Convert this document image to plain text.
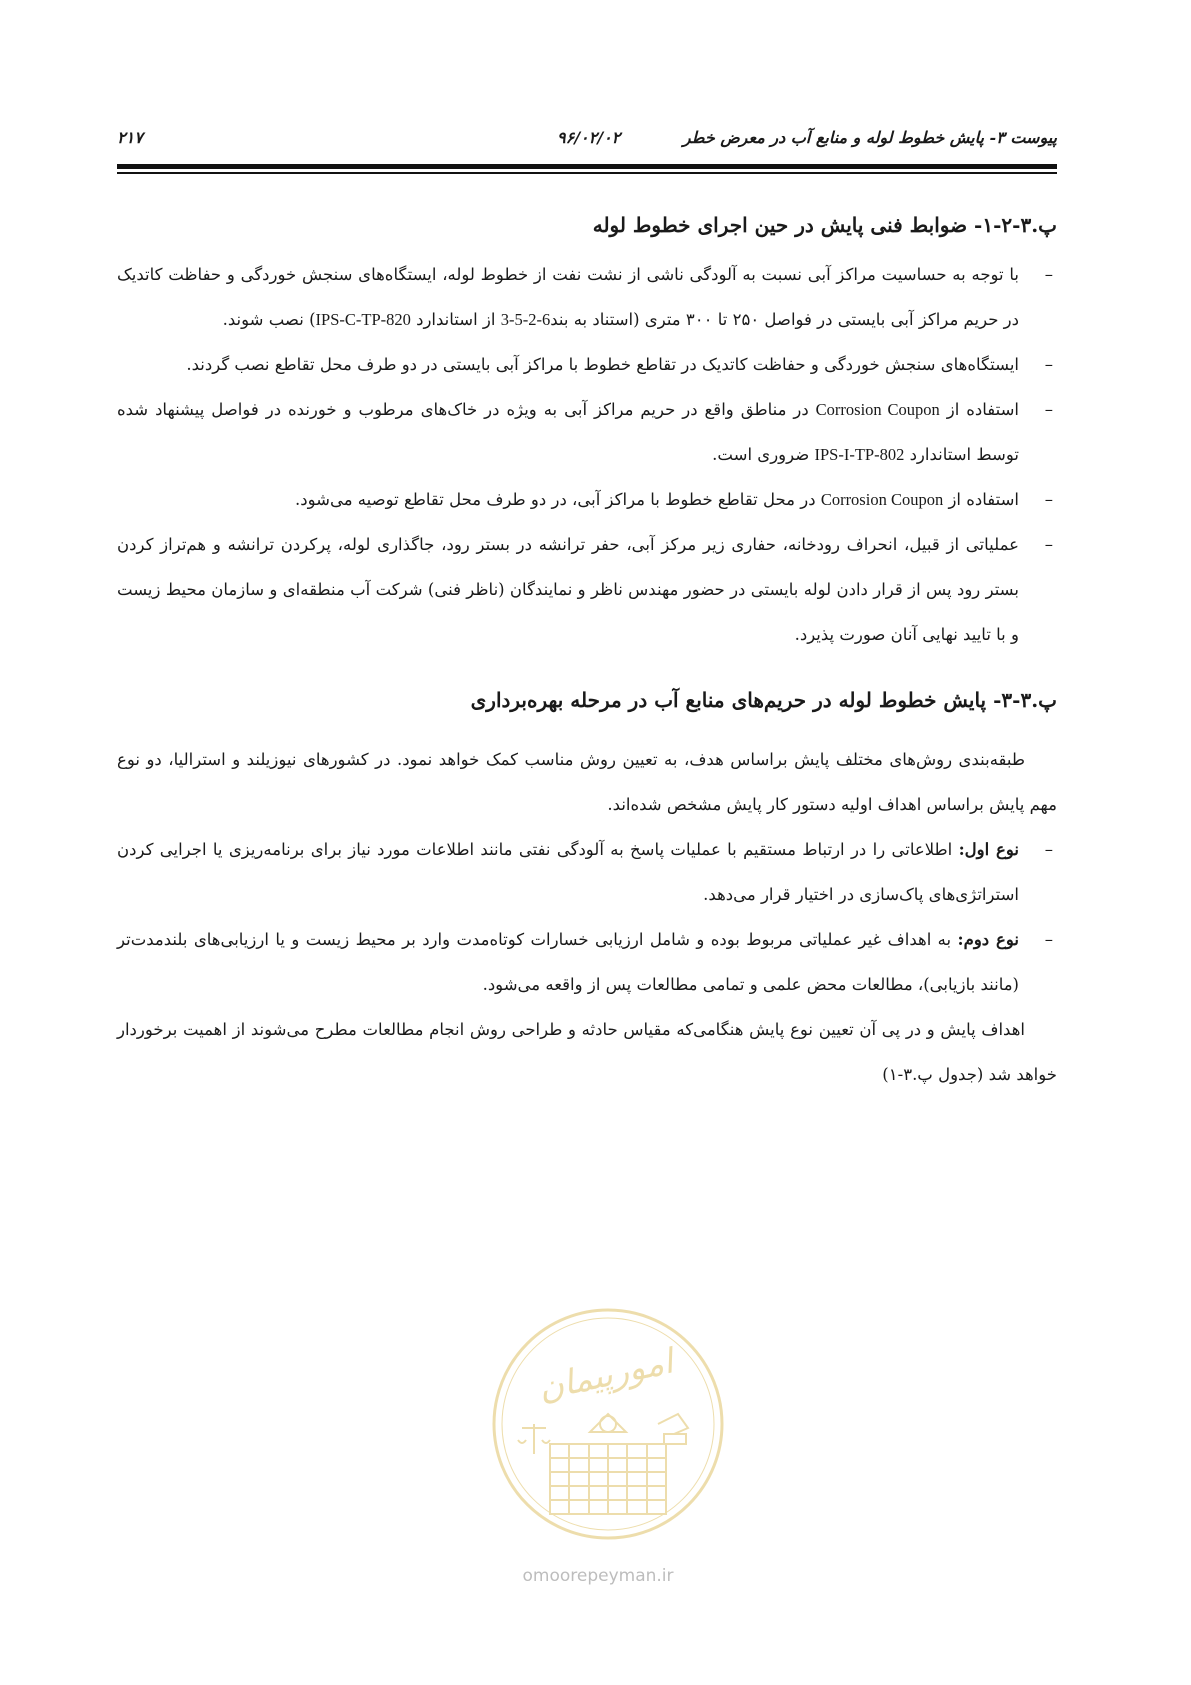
پیوست ۳- پایش خطوط لوله و منابع آب در معرض خطر
۹۶/۰۲/۰۲
۲۱۷
پ.۳-۲-۱- ضوابط فنی پایش در حین اجرای خطوط لوله
–
با توجه به حساسیت مراکز آبی نسبت به آلودگی ناشی از نشت نفت از خطوط لوله، ایستگاه‌های سنجش خوردگی و حفاظت کاتدیک در حریم مراکز آبی بایستی در فواصل ۲۵۰ تا ۳۰۰ متری (استناد به بند3-5-2-6 از استاندارد IPS-C-TP-820) نصب شوند.
–
ایستگاه‌های سنجش خوردگی و حفاظت کاتدیک در تقاطع خطوط با مراکز آبی بایستی در دو طرف محل تقاطع نصب گردند.
–
استفاده از Corrosion Coupon در مناطق واقع در حریم مراکز آبی به ویژه در خاک‌های مرطوب و خورنده در فواصل پیشنهاد شده توسط استاندارد IPS-I-TP-802 ضروری است.
–
استفاده از Corrosion Coupon در محل تقاطع خطوط با مراکز آبی، در دو طرف محل تقاطع توصیه می‌شود.
–
عملیاتی از قبیل، انحراف رودخانه، حفاری زیر مرکز آبی، حفر ترانشه در بستر رود، جاگذاری لوله، پرکردن ترانشه و هم‌تراز کردن بستر رود پس از قرار دادن لوله بایستی در حضور مهندس ناظر و نمایندگان (ناظر فنی) شرکت آب منطقه‌ای و سازمان محیط زیست و با تایید نهایی آنان صورت پذیرد.
پ.۳-۳- پایش خطوط لوله در حریم‌های منابع آب در مرحله بهره‌برداری

طبقه‌بندی روش‌های مختلف پایش براساس هدف، به تعیین روش مناسب کمک خواهد نمود. در کشورهای نیوزیلند و استرالیا، دو نوع مهم پایش براساس اهداف اولیه دستور کار پایش مشخص شده‌اند.

–
نوع اول: اطلاعاتی را در ارتباط مستقیم با عملیات پاسخ به آلودگی نفتی مانند اطلاعات مورد نیاز برای برنامه‌ریزی یا اجرایی کردن استراتژی‌های پاک‌سازی در اختیار قرار می‌دهد.
–
نوع دوم: به اهداف غیر عملیاتی مربوط بوده و شامل ارزیابی خسارات کوتاه‌مدت وارد بر محیط زیست و یا ارزیابی‌های بلندمدت‌تر (مانند بازیابی)، مطالعات محض علمی و تمامی مطالعات پس از واقعه می‌شود.

اهداف پایش و در پی آن تعیین نوع پایش هنگامی‌که مقیاس حادثه و طراحی روش انجام مطالعات مطرح می‌شوند از اهمیت برخوردار خواهد شد (جدول پ.۳-۱)

امورپیمان
omoorepeyman.ir
